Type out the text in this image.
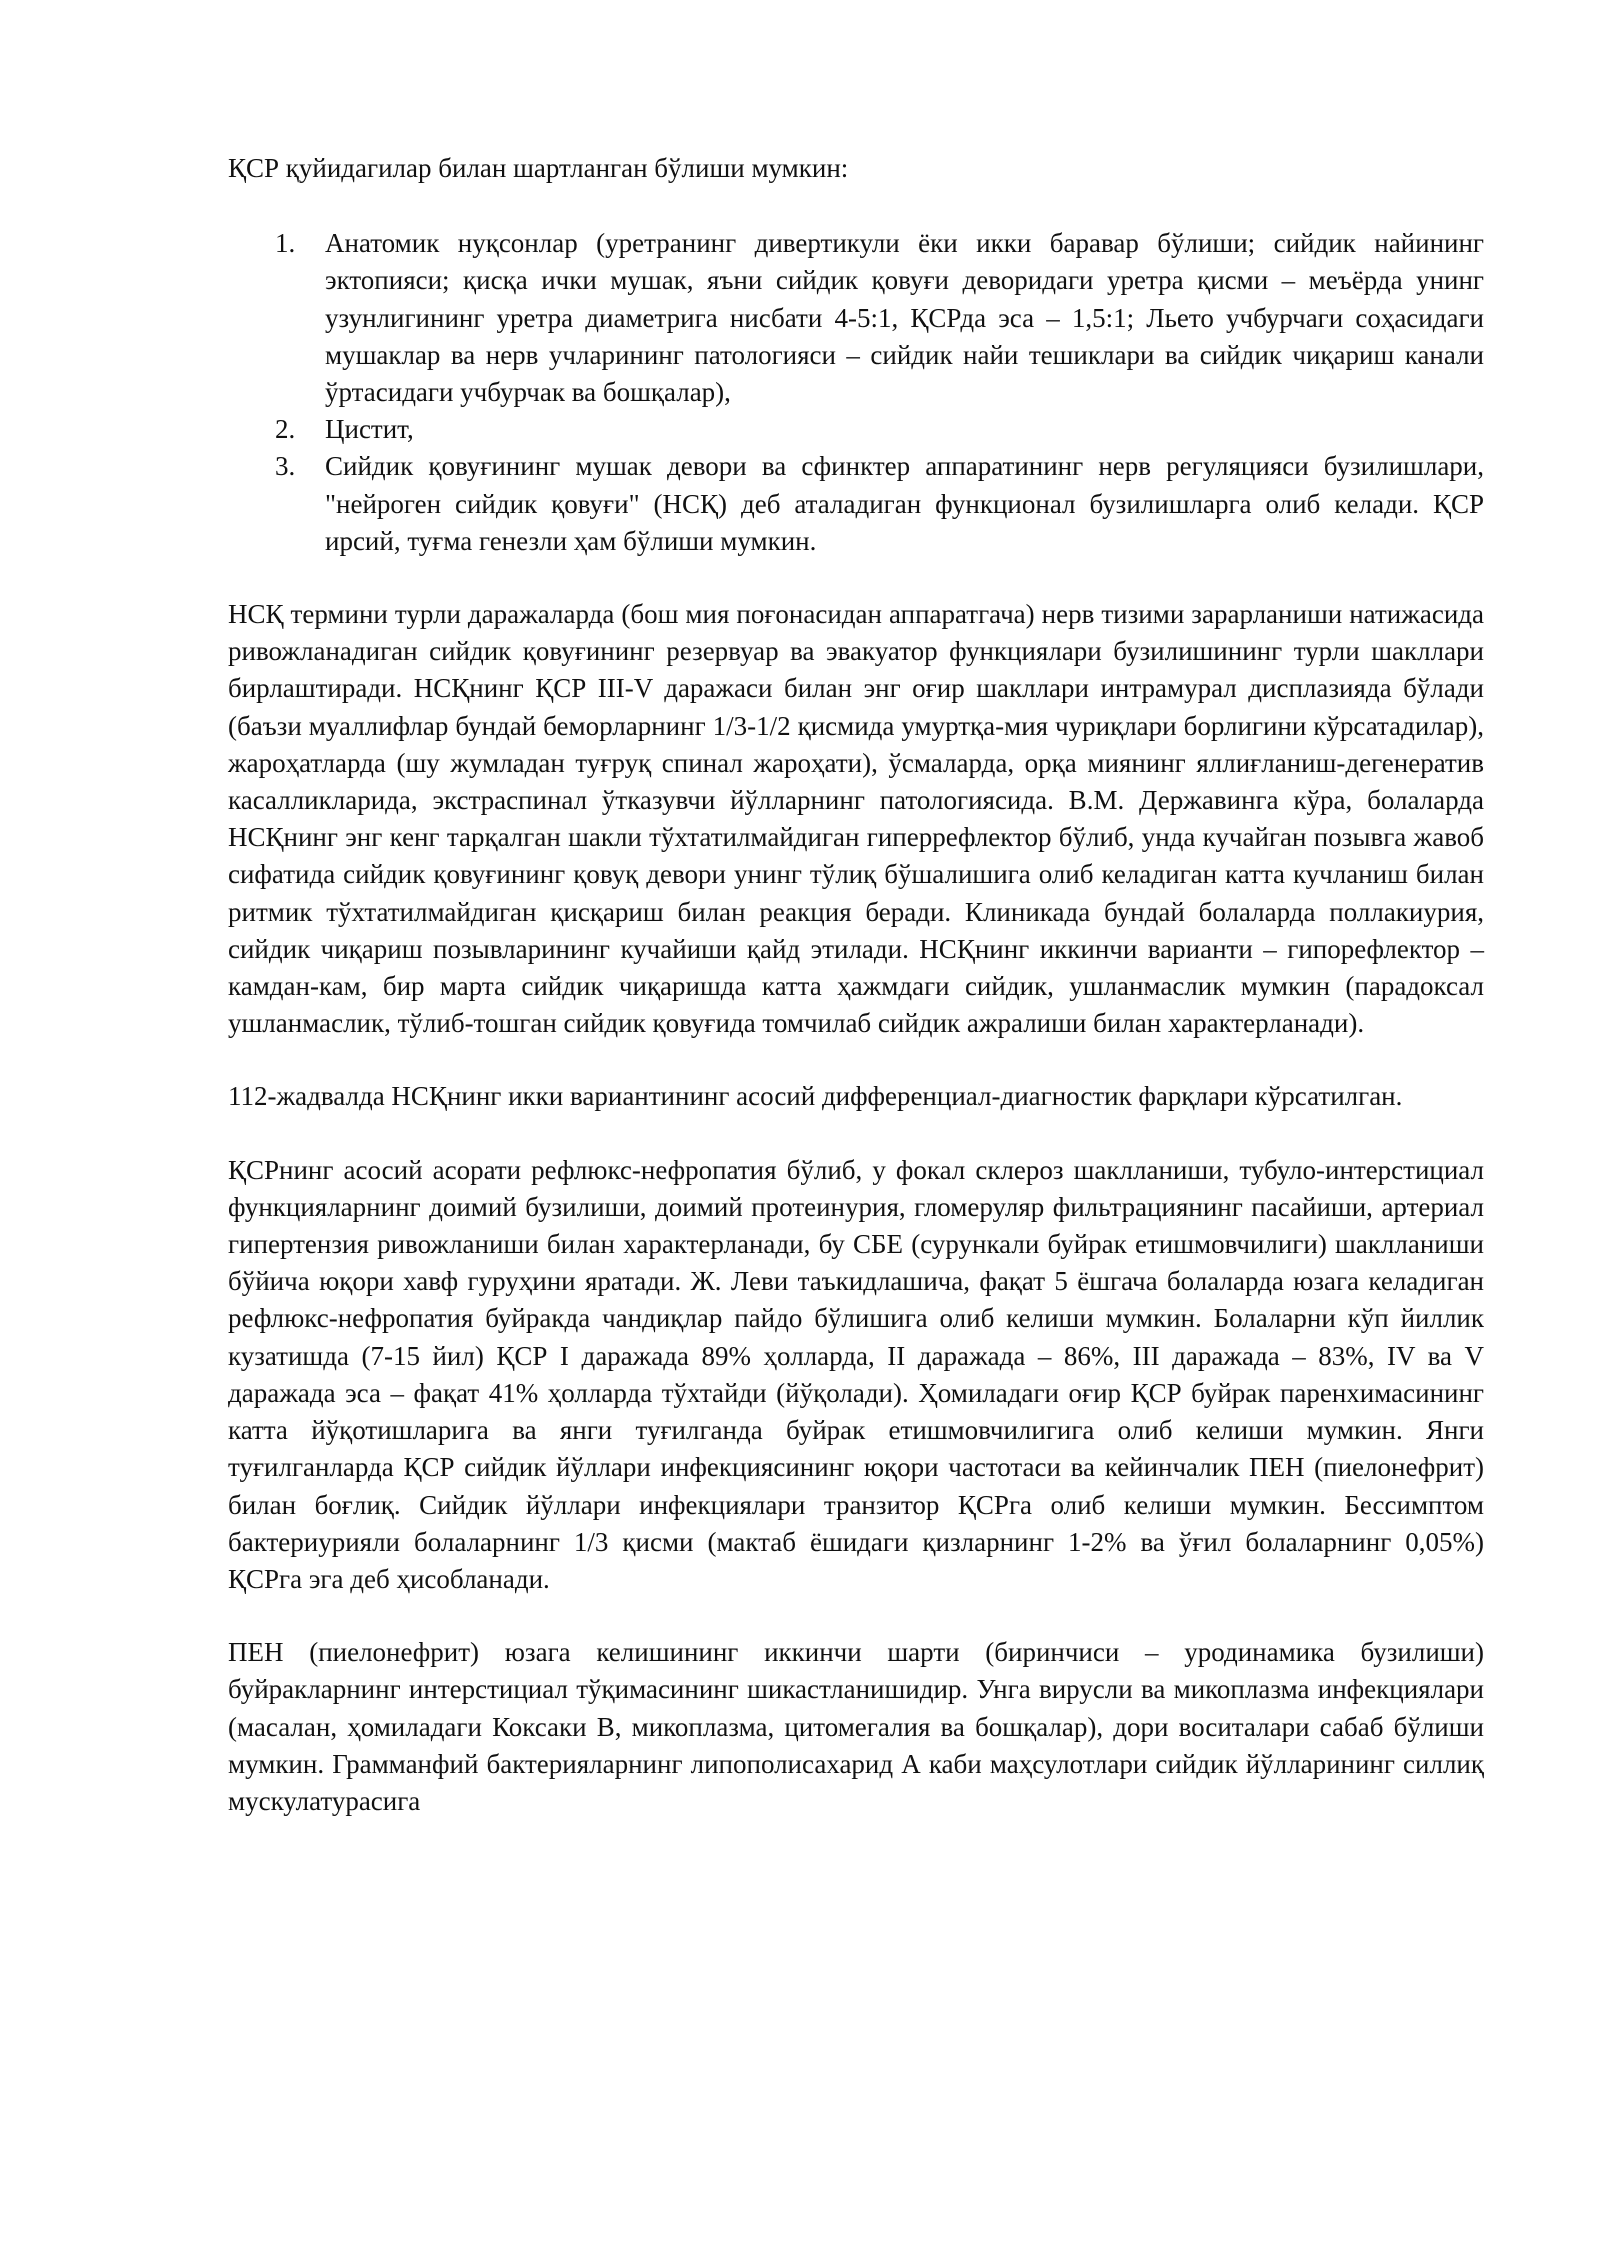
ҚСР қуйидагилар билан шартланган бўлиши мумкин:

1. Анатомик нуқсонлар (уретранинг дивертикули ёки икки баравар бўлиши; сийдик найининг эктопияси; қисқа ички мушак, яъни сийдик қовуғи деворидаги уретра қисми – меъёрда унинг узунлигининг уретра диаметрига нисбати 4-5:1, ҚСРда эса – 1,5:1; Льето учбурчаги соҳасидаги мушаклар ва нерв учларининг патологияси – сийдик найи тешиклари ва сийдик чиқариш канали ўртасидаги учбурчак ва бошқалар),
2. Цистит,
3. Сийдик қовуғининг мушак девори ва сфинктер аппаратининг нерв регуляцияси бузилишлари, "нейроген сийдик қовуғи" (НСҚ) деб аталадиган функционал бузилишларга олиб келади. ҚСР ирсий, туғма генезли ҳам бўлиши мумкин.

НСҚ термини турли даражаларда (бош мия поғонасидан аппаратгача) нерв тизими зарарланиши натижасида ривожланадиган сийдик қовуғининг резервуар ва эвакуатор функциялари бузилишининг турли шакллари бирлаштиради. НСҚнинг ҚСР III-V даражаси билан энг оғир шакллари интрамурал дисплазияда бўлади (баъзи муаллифлар бундай беморларнинг 1/3-1/2 қисмида умуртқа-мия чуриқлари борлигини кўрсатадилар), жароҳатларда (шу жумладан туғруқ спинал жароҳати), ўсмаларда, орқа миянинг яллиғланиш-дегенератив касалликларида, экстраспинал ўтказувчи йўлларнинг патологиясида. В.М. Державинга кўра, болаларда НСҚнинг энг кенг тарқалган шакли тўхтатилмайдиган гиперрефлектор бўлиб, унда кучайган позывга жавоб сифатида сийдик қовуғининг қовуқ девори унинг тўлиқ бўшалишига олиб келадиган катта кучланиш билан ритмик тўхтатилмайдиган қисқариш билан реакция беради. Клиникада бундай болаларда поллакиурия, сийдик чиқариш позывларининг кучайиши қайд этилади. НСҚнинг иккинчи варианти – гипорефлектор – камдан-кам, бир марта сийдик чиқаришда катта ҳажмдаги сийдик, ушланмаслик мумкин (парадоксал ушланмаслик, тўлиб-тошган сийдик қовуғида томчилаб сийдик ажралиши билан характерланади).

112-жадвалда НСҚнинг икки вариантининг асосий дифференциал-диагностик фарқлари кўрсатилган.

ҚСРнинг асосий асорати рефлюкс-нефропатия бўлиб, у фокал склероз шаклланиши, тубуло-интерстициал функцияларнинг доимий бузилиши, доимий протеинурия, гломеруляр фильтрациянинг пасайиши, артериал гипертензия ривожланиши билан характерланади, бу СБЕ (сурункали буйрак етишмовчилиги) шаклланиши бўйича юқори хавф гуруҳини яратади. Ж. Леви таъкидлашича, фақат 5 ёшгача болаларда юзага келадиган рефлюкс-нефропатия буйракда чандиқлар пайдо бўлишига олиб келиши мумкин. Болаларни кўп йиллик кузатишда (7-15 йил) ҚСР I даражада 89% ҳолларда, II даражада – 86%, III даражада – 83%, IV ва V даражада эса – фақат 41% ҳолларда тўхтайди (йўқолади). Ҳомиладаги оғир ҚСР буйрак паренхимасининг катта йўқотишларига ва янги туғилганда буйрак етишмовчилигига олиб келиши мумкин. Янги туғилганларда ҚСР сийдик йўллари инфекциясининг юқори частотаси ва кейинчалик ПЕН (пиелонефрит) билан боғлиқ. Сийдик йўллари инфекциялари транзитор ҚСРга олиб келиши мумкин. Бессимптом бактериурияли болаларнинг 1/3 қисми (мактаб ёшидаги қизларнинг 1-2% ва ўғил болаларнинг 0,05%) ҚСРга эга деб ҳисобланади.

ПЕН (пиелонефрит) юзага келишининг иккинчи шарти (биринчиси – уродинамика бузилиши) буйракларнинг интерстициал тўқимасининг шикастланишидир. Унга вирусли ва микоплазма инфекциялари (масалан, ҳомиладаги Коксаки В, микоплазма, цитомегалия ва бошқалар), дори воситалари сабаб бўлиши мумкин. Грамманфий бактерияларнинг липополисахарид А каби маҳсулотлари сийдик йўлларининг силлиқ мускулатурасига
